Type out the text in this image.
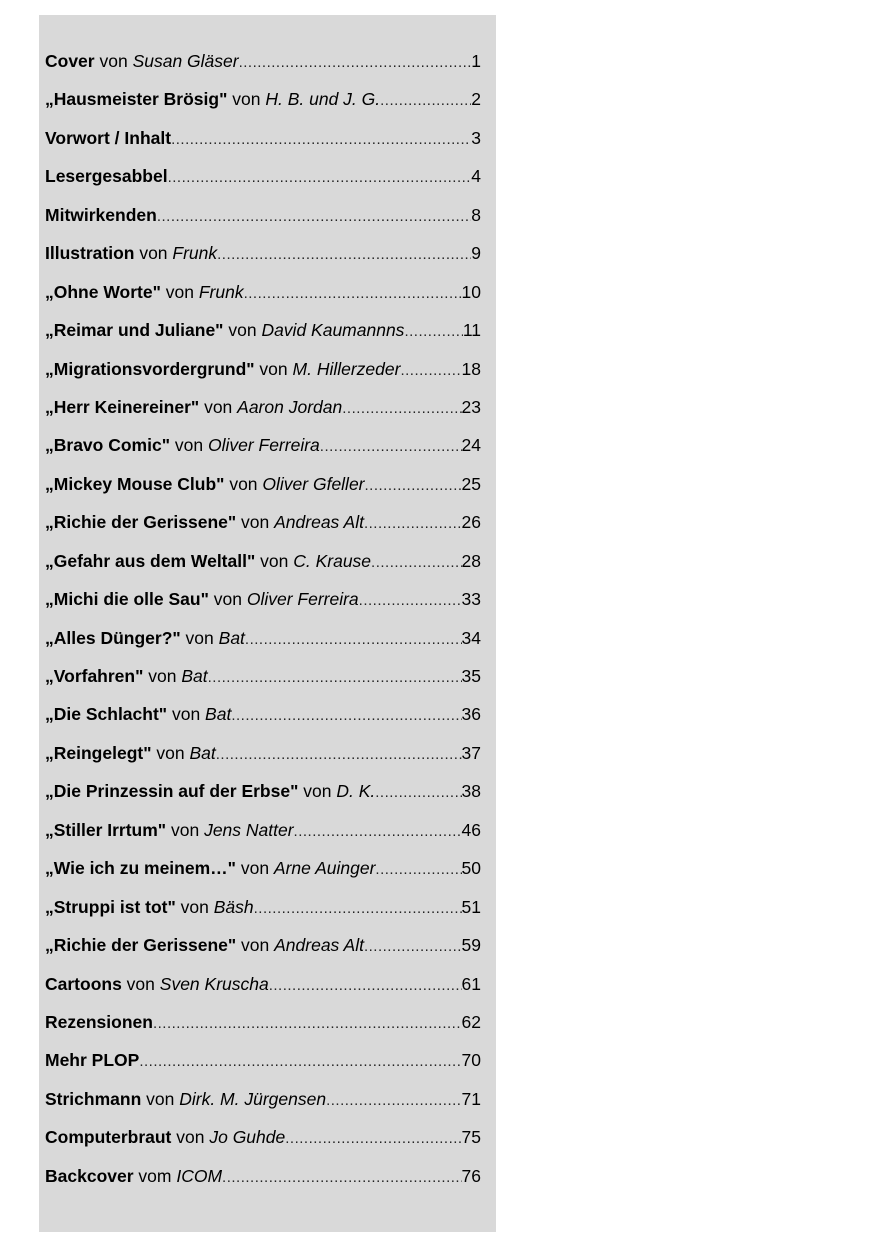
Cover von Susan Gläser .....	1
„Hausmeister Brösig" von H. B. und J. G. .....	2
Vorwort / Inhalt .....	3
Lesergesabbel .....	4
Mitwirkenden .....	8
Illustration von Frunk .....	9
„Ohne Worte" von Frunk .....	10
„Reimar und Juliane" von David Kaumannns .....	11
„Migrationsvordergrund" von M. Hillerzeder .....	18
„Herr Keinereiner" von Aaron Jordan .....	23
„Bravo Comic" von Oliver Ferreira .....	24
„Mickey Mouse Club" von Oliver Gfeller .....	25
„Richie der Gerissene" von Andreas Alt .....	26
„Gefahr aus dem Weltall" von C. Krause .....	28
„Michi die olle Sau" von Oliver Ferreira .....	33
„Alles Dünger?" von Bat .....	34
„Vorfahren" von Bat .....	35
„Die Schlacht" von Bat .....	36
„Reingelegt" von Bat .....	37
„Die Prinzessin auf der Erbse" von D. K. .....	38
„Stiller Irrtum" von Jens Natter .....	46
„Wie ich zu meinem…" von Arne Auinger .....	50
„Struppi ist tot" von Bäsh .....	51
„Richie der Gerissene" von Andreas Alt .....	59
Cartoons von Sven Kruscha .....	61
Rezensionen .....	62
Mehr PLOP .....	70
Strichmann von Dirk. M. Jürgensen .....	71
Computerbraut von Jo Guhde .....	75
Backcover vom ICOM .....	76
